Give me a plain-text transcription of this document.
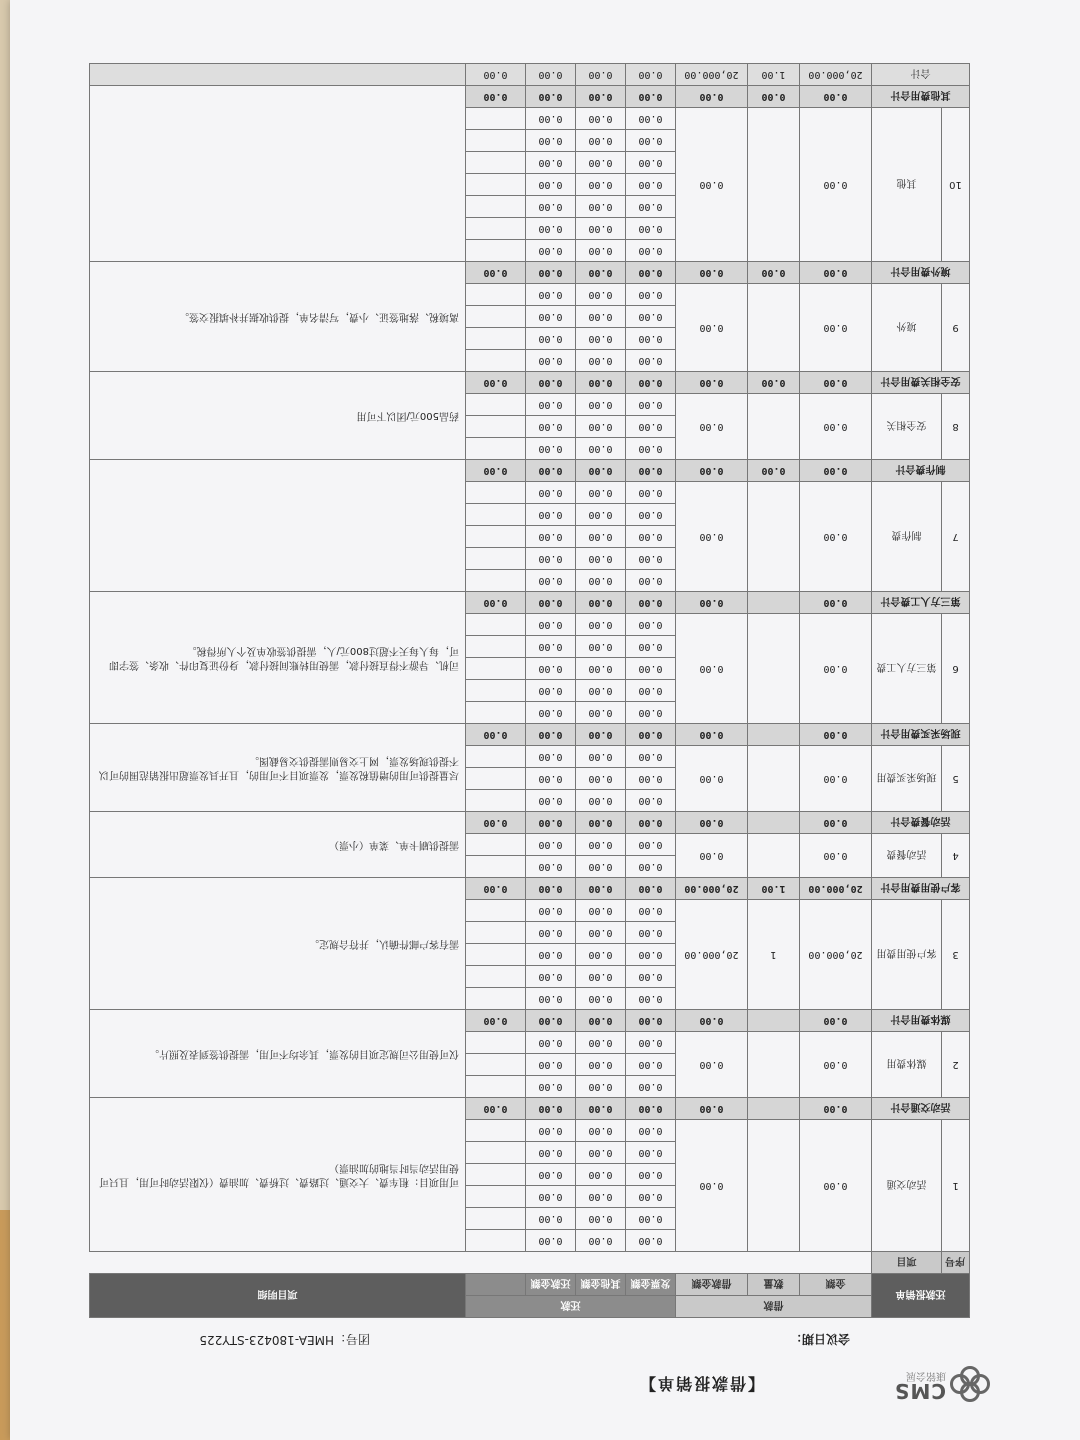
CMS
康铭会展
【借款报销单】
会议日期：
团号：
HMEA-180423-STY225
还款报销单		借款			还款				项目明细
		金额	数量	借款金额	发票金额	其他金额	还款金额		
序号	项目								
1	活动交通	0.00		0.00	0.00	0.00	0.00		可用项目：租车费、大交通、过路费、过桥费、加油费（仅限活动时可用，且只可使用活动当时当地的加油票）
					0.00	0.00	0.00		
					0.00	0.00	0.00		
					0.00	0.00	0.00		
					0.00	0.00	0.00		
					0.00	0.00	0.00		
活动交通合计		0.00		0.00	0.00	0.00	0.00	0.00	
2	媒体费用	0.00		0.00	0.00	0.00	0.00		仅可使用公司规定项目的发票，其余均不可用，需提供签到表及照片。
					0.00	0.00	0.00		
					0.00	0.00	0.00		
媒体费用合计		0.00		0.00	0.00	0.00	0.00	0.00	
3	客户使用费用	20,000.00	1	20,000.00	0.00	0.00	0.00		需有客户邮件确认，并符合规定。
					0.00	0.00	0.00		
					0.00	0.00	0.00		
					0.00	0.00	0.00		
					0.00	0.00	0.00		
客户使用费用合计		20,000.00	1.00	20,000.00	0.00	0.00	0.00	0.00	
4	活动餐费	0.00		0.00	0.00	0.00	0.00		需提供刷卡单、菜单（小票）
					0.00	0.00	0.00		
活动餐费合计		0.00		0.00	0.00	0.00	0.00	0.00	
5	现场采买费用	0.00		0.00	0.00	0.00	0.00		尽量提供可用的增值税发票，发票项目不可用的，且开具发票超出报销范围的可以不提供现场发票，网上交易则需提供交易截图。
					0.00	0.00	0.00		
					0.00	0.00	0.00		
现场采买费用合计		0.00		0.00	0.00	0.00	0.00	0.00	
6	第三方人工费	0.00		0.00	0.00	0.00	0.00		司机、导游不得直接付款，需使用转账间接付款，身份证复印件、收条、签字即可，每人每天不超过800元/人，需提供签收单及个人所得税。
					0.00	0.00	0.00		
					0.00	0.00	0.00		
					0.00	0.00	0.00		
					0.00	0.00	0.00		
第三方人工费合计		0.00		0.00	0.00	0.00	0.00	0.00	
7	制作费	0.00		0.00	0.00	0.00	0.00		
					0.00	0.00	0.00		
					0.00	0.00	0.00		
					0.00	0.00	0.00		
					0.00	0.00	0.00		
制作费合计		0.00	0.00	0.00	0.00	0.00	0.00	0.00	
8	安全相关	0.00		0.00	0.00	0.00	0.00		药品500元/团以下可用
					0.00	0.00	0.00		
					0.00	0.00	0.00		
安全相关费用合计		0.00	0.00	0.00	0.00	0.00	0.00	0.00	
9	境外	0.00		0.00	0.00	0.00	0.00		离境税、落地签证、小费，写清名单，提供收据并补填报交签。
					0.00	0.00	0.00		
					0.00	0.00	0.00		
					0.00	0.00	0.00		
境外费用合计		0.00	0.00	0.00	0.00	0.00	0.00	0.00	
10	其他	0.00		0.00	0.00	0.00	0.00		
					0.00	0.00	0.00		
					0.00	0.00	0.00		
					0.00	0.00	0.00		
					0.00	0.00	0.00		
					0.00	0.00	0.00		
					0.00	0.00	0.00		
其他费用合计		0.00	0.00	0.00	0.00	0.00	0.00	0.00	
合计		20,000.00	1.00	20,000.00	0.00	0.00	0.00	0.00	
